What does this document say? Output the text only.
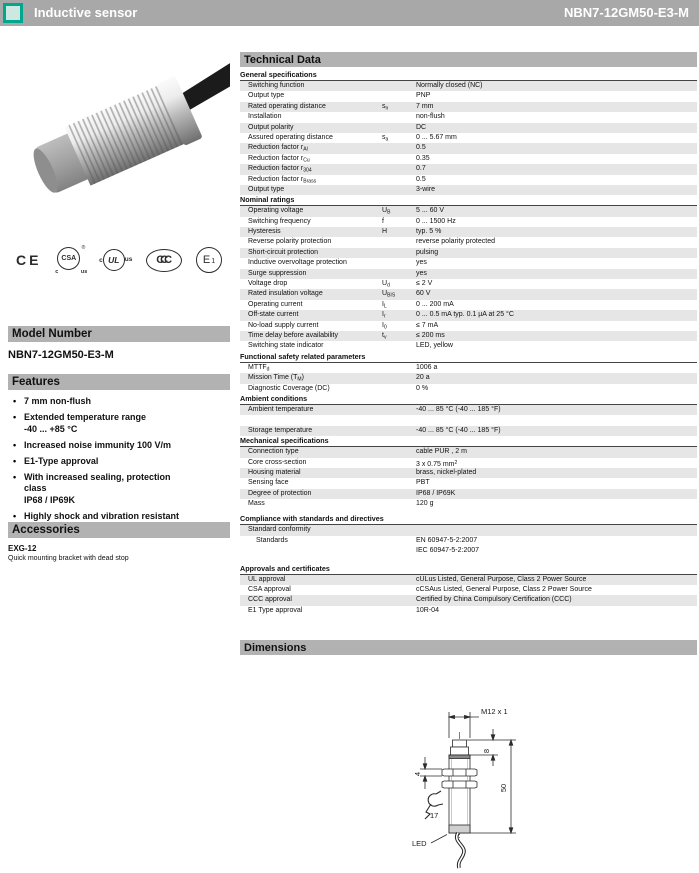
Inductive sensor	NBN7-12GM50-E3-M
CE	CSA
®
c	us
c UL us	CCC	E 1
Model Number
NBN7-12GM50-E3-M
Features
• 7 mm non-flush
• Extended temperature range
-40 ... +85 °C
• Increased noise immunity 100 V/m
• E1-Type approval
• With increased sealing, protection
class
IP68 / IP69K
• Highly shock and vibration resistant
Accessories
EXG-12
Quick mounting bracket with dead stop
Technical Data
General specifications
Switching function	Normally closed (NC)
Output type	PNP
Rated operating distance	$s_n$	7 mm
Installation	non-flush
Output polarity	DC
Assured operating distance	$s_a$	0 ... 5.67 mm
Reduction factor $r_{Al}$	0.5
Reduction factor $r_{Cu}$	0.35
Reduction factor $r_{304}$	0.7
Reduction factor $r_{Brass}$	0.5
Output type	3-wire
Nominal ratings
Operating voltage	$U_B$	5 ... 60 V
Switching frequency	f	0 ... 1500 Hz
Hysteresis	H	typ. 5 %
Reverse polarity protection	reverse polarity protected
Short-circuit protection	pulsing
Inductive overvoltage protection	yes
Surge suppression	yes
Voltage drop	$U_d$	≤ 2 V
Rated insulation voltage	$U_{BIS}$	60 V
Operating current	$I_L$	0 ... 200 mA
Off-state current	$I_r$	0 ... 0.5 mA typ. 0.1 µA at 25 °C
No-load supply current	$I_0$	≤ 7 mA
Time delay before availability	$t_v$	≤ 200 ms
Switching state indicator	LED, yellow
Functional safety related parameters
$MTTF_d$	1006 a
Mission Time $(T_M)$	20 a
Diagnostic Coverage (DC)	0 %
Ambient conditions
Ambient temperature	-40 ... 85 °C (-40 ... 185 °F)
Storage temperature	-40 ... 85 °C (-40 ... 185 °F)
Mechanical specifications
Connection type	cable PUR , 2 m
Core cross-section	3 x 0.75 $mm^2$
Housing material	brass, nickel-plated
Sensing face	PBT
Degree of protection	IP68 / IP69K
Mass	120 g
Compliance with standards and directives
Standard conformity
Standards	EN 60947-5-2:2007
IEC 60947-5-2:2007
Approvals and certificates
UL approval	cULus Listed, General Purpose, Class 2 Power Source
CSA approval	cCSAus Listed, General Purpose, Class 2 Power Source
CCC approval	Certified by China Compulsory Certification (CCC)
E1 Type approval	10R-04
Dimensions
M12 x 1
8
50
4
17
LED
